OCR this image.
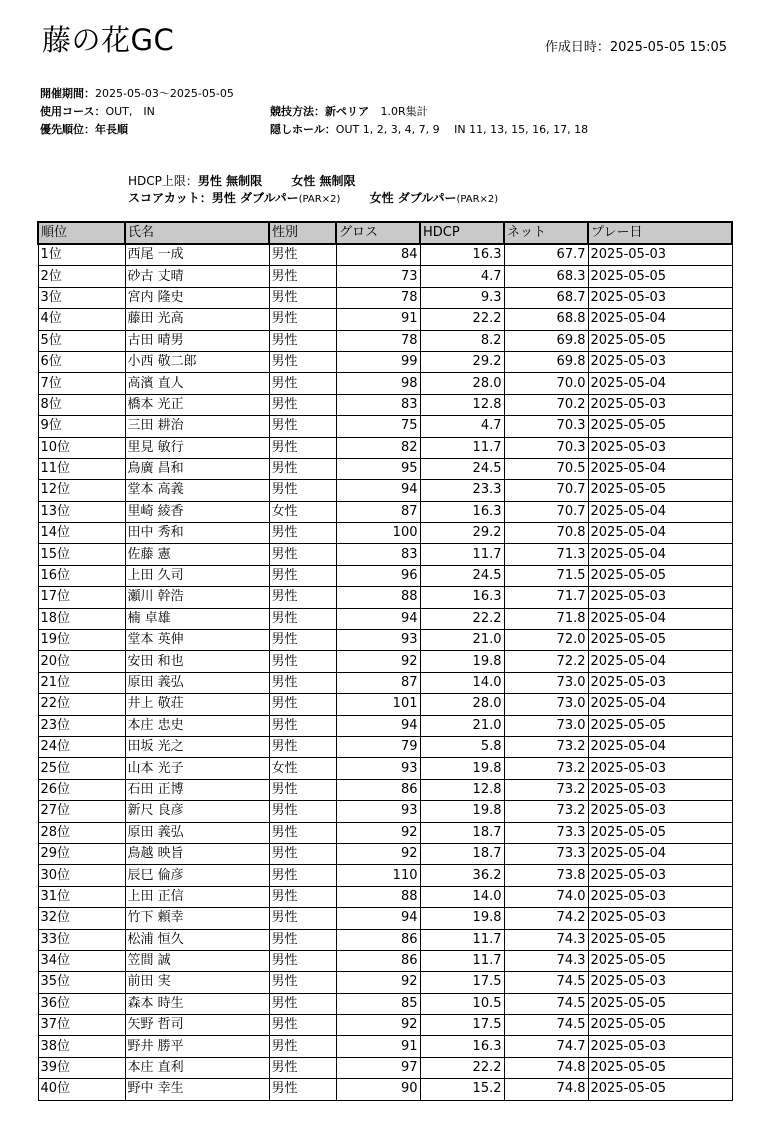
藤の花GC	作成日時：2025-05-05 15:05
開催期間：2025-05-03〜2025-05-05
使用コース：OUT,　IN
優先順位：年長順
競技方法：新ペリア 1.0R集計
隠しホール：OUT 1, 2, 3, 4, 7, 9　 IN 11, 13, 15, 16, 17, 18
HDCP上限：男性 無制限 女性 無制限
スコアカット：男性 ダブルパー(PAR×2) 女性 ダブルパー(PAR×2)
順位	氏名	性別	グロス	HDCP	ネット	プレー日
1位	西尾 一成	男性	84	16.3	67.7	2025-05-03
2位	砂古 丈晴	男性	73	4.7	68.3	2025-05-05
3位	宮内 隆史	男性	78	9.3	68.7	2025-05-03
4位	藤田 光高	男性	91	22.2	68.8	2025-05-04
5位	古田 晴男	男性	78	8.2	69.8	2025-05-05
6位	小西 敬二郎	男性	99	29.2	69.8	2025-05-03
7位	高濱 直人	男性	98	28.0	70.0	2025-05-04
8位	橋本 光正	男性	83	12.8	70.2	2025-05-03
9位	三田 耕治	男性	75	4.7	70.3	2025-05-05
10位	里見 敏行	男性	82	11.7	70.3	2025-05-03
11位	鳥廣 昌和	男性	95	24.5	70.5	2025-05-04
12位	堂本 高義	男性	94	23.3	70.7	2025-05-05
13位	里崎 綾香	女性	87	16.3	70.7	2025-05-04
14位	田中 秀和	男性	100	29.2	70.8	2025-05-04
15位	佐藤 憲	男性	83	11.7	71.3	2025-05-04
16位	上田 久司	男性	96	24.5	71.5	2025-05-05
17位	瀬川 幹浩	男性	88	16.3	71.7	2025-05-03
18位	楠 卓雄	男性	94	22.2	71.8	2025-05-04
19位	堂本 英伸	男性	93	21.0	72.0	2025-05-05
20位	安田 和也	男性	92	19.8	72.2	2025-05-04
21位	原田 義弘	男性	87	14.0	73.0	2025-05-03
22位	井上 敬荘	男性	101	28.0	73.0	2025-05-04
23位	本庄 忠史	男性	94	21.0	73.0	2025-05-05
24位	田坂 光之	男性	79	5.8	73.2	2025-05-04
25位	山本 光子	女性	93	19.8	73.2	2025-05-03
26位	石田 正博	男性	86	12.8	73.2	2025-05-03
27位	新尺 良彦	男性	93	19.8	73.2	2025-05-03
28位	原田 義弘	男性	92	18.7	73.3	2025-05-05
29位	鳥越 映旨	男性	92	18.7	73.3	2025-05-04
30位	辰巳 倫彦	男性	110	36.2	73.8	2025-05-03
31位	上田 正信	男性	88	14.0	74.0	2025-05-03
32位	竹下 頼幸	男性	94	19.8	74.2	2025-05-03
33位	松浦 恒久	男性	86	11.7	74.3	2025-05-05
34位	笠間 誠	男性	86	11.7	74.3	2025-05-05
35位	前田 実	男性	92	17.5	74.5	2025-05-03
36位	森本 時生	男性	85	10.5	74.5	2025-05-05
37位	矢野 哲司	男性	92	17.5	74.5	2025-05-05
38位	野井 勝平	男性	91	16.3	74.7	2025-05-03
39位	本庄 直利	男性	97	22.2	74.8	2025-05-05
40位	野中 幸生	男性	90	15.2	74.8	2025-05-05
